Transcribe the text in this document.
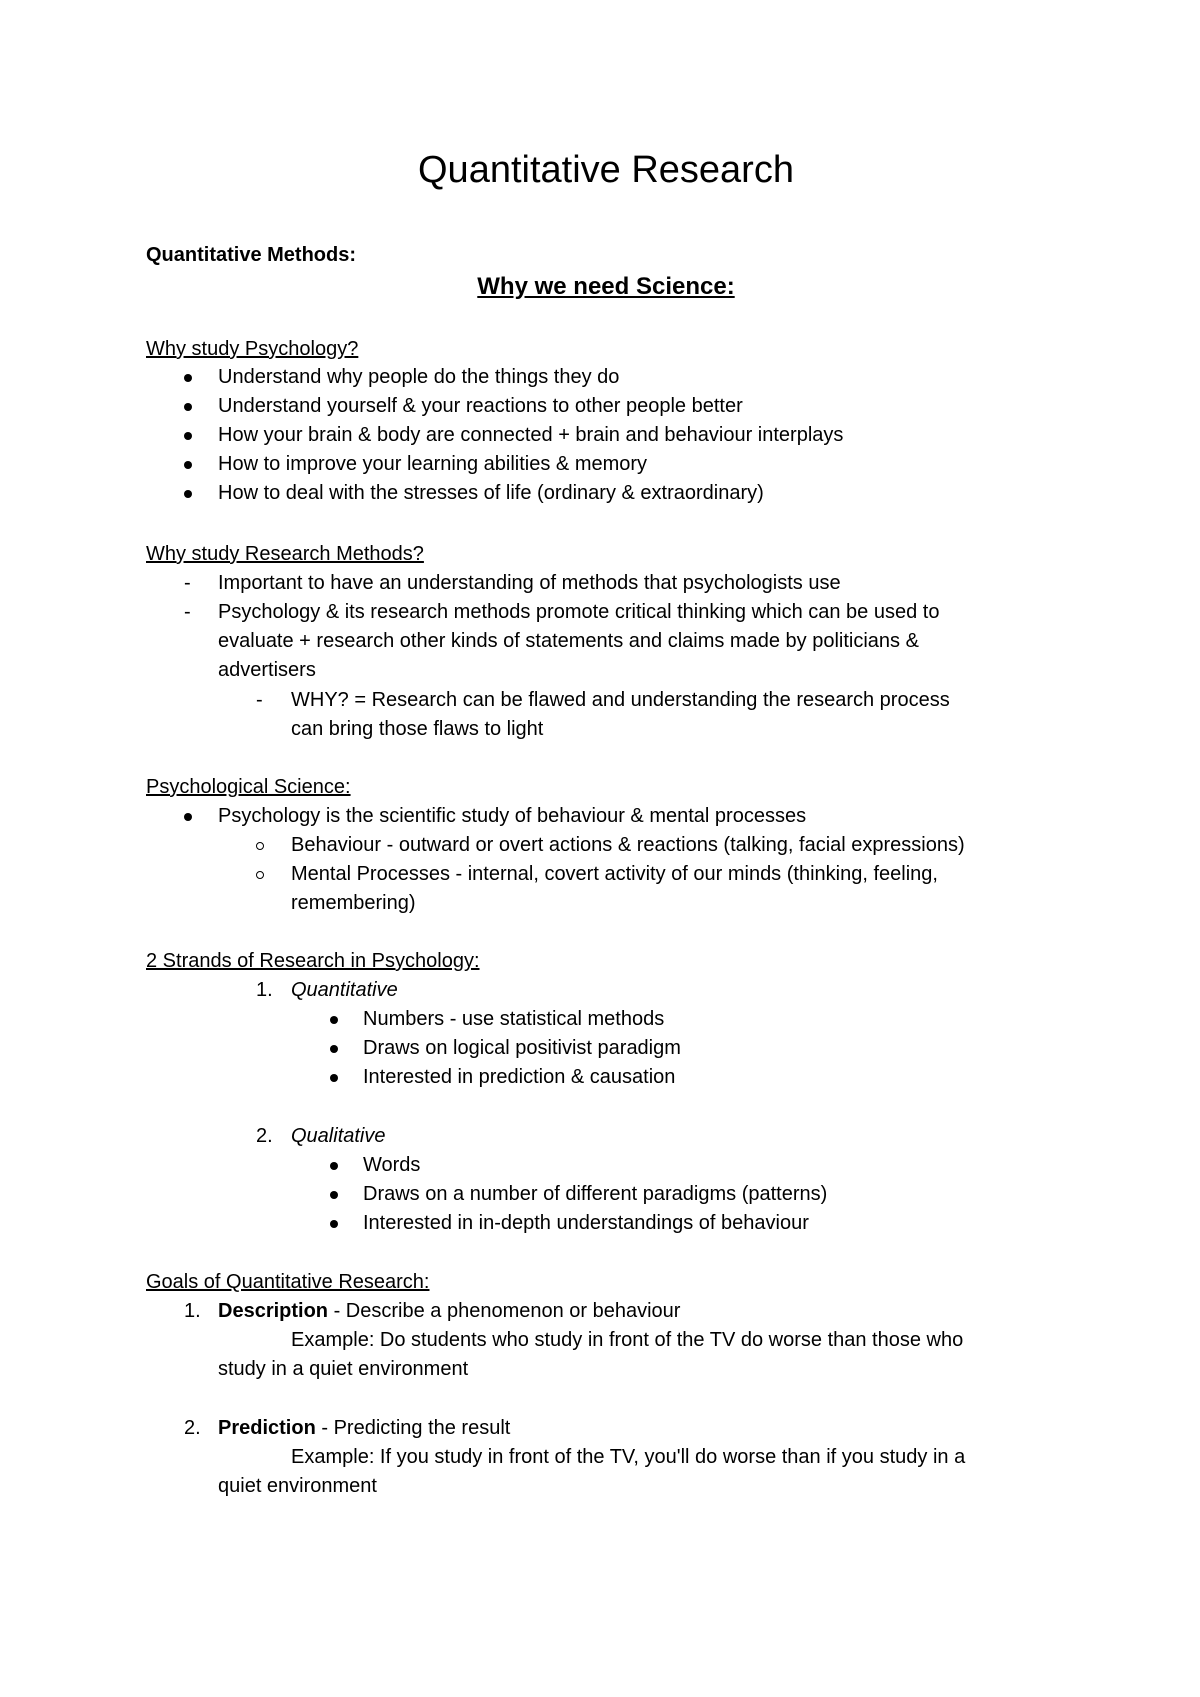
Quantitative Research
Quantitative Methods:
Why we need Science:
Why study Psychology?
Understand why people do the things they do
Understand yourself & your reactions to other people better
How your brain & body are connected + brain and behaviour interplays
How to improve your learning abilities & memory
How to deal with the stresses of life (ordinary & extraordinary)
Why study Research Methods?
- Important to have an understanding of methods that psychologists use
- Psychology & its research methods promote critical thinking which can be used to
evaluate + research other kinds of statements and claims made by politicians &
advertisers
- WHY? = Research can be flawed and understanding the research process
can bring those flaws to light
Psychological Science:
Psychology is the scientific study of behaviour & mental processes
Behaviour - outward or overt actions & reactions (talking, facial expressions)
Mental Processes - internal, covert activity of our minds (thinking, feeling,
remembering)
2 Strands of Research in Psychology:
1. Quantitative
Numbers - use statistical methods
Draws on logical positivist paradigm
Interested in prediction & causation
2. Qualitative
Words
Draws on a number of different paradigms (patterns)
Interested in in-depth understandings of behaviour
Goals of Quantitative Research:
1. Description - Describe a phenomenon or behaviour
Example: Do students who study in front of the TV do worse than those who
study in a quiet environment
2. Prediction - Predicting the result
Example: If you study in front of the TV, you'll do worse than if you study in a
quiet environment
